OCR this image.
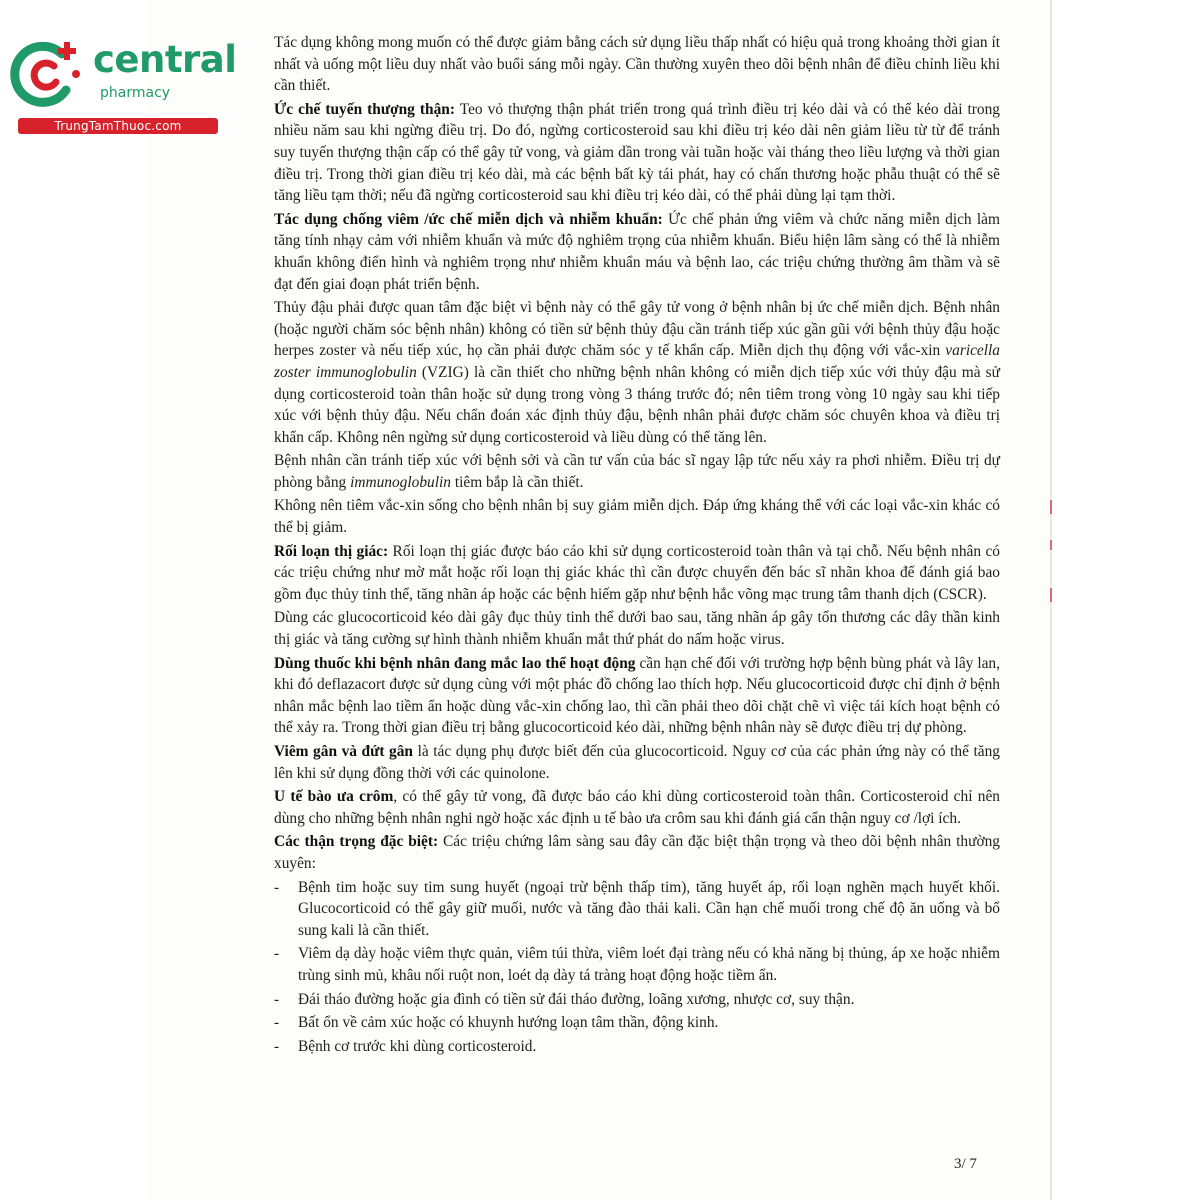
central
pharmacy
TrungTamThuoc.com

Tác dụng không mong muốn có thể được giảm bằng cách sử dụng liều thấp nhất có hiệu quả trong khoảng thời gian ít nhất và uống một liều duy nhất vào buổi sáng mỗi ngày. Cần thường xuyên theo dõi bệnh nhân để điều chỉnh liều khi cần thiết.

Ức chế tuyến thượng thận: Teo vỏ thượng thận phát triển trong quá trình điều trị kéo dài và có thể kéo dài trong nhiều năm sau khi ngừng điều trị. Do đó, ngừng corticosteroid sau khi điều trị kéo dài nên giảm liều từ từ để tránh suy tuyến thượng thận cấp có thể gây tử vong, và giảm dần trong vài tuần hoặc vài tháng theo liều lượng và thời gian điều trị. Trong thời gian điều trị kéo dài, mà các bệnh bất kỳ tái phát, hay có chấn thương hoặc phẫu thuật có thể sẽ tăng liều tạm thời; nếu đã ngừng corticosteroid sau khi điều trị kéo dài, có thể phải dùng lại tạm thời.

Tác dụng chống viêm /ức chế miễn dịch và nhiễm khuẩn: Ức chế phản ứng viêm và chức năng miễn dịch làm tăng tính nhạy cảm với nhiễm khuẩn và mức độ nghiêm trọng của nhiễm khuẩn. Biểu hiện lâm sàng có thể là nhiễm khuẩn không điển hình và nghiêm trọng như nhiễm khuẩn máu và bệnh lao, các triệu chứng thường âm thầm và sẽ đạt đến giai đoạn phát triển bệnh.

Thủy đậu phải được quan tâm đặc biệt vì bệnh này có thể gây tử vong ở bệnh nhân bị ức chế miễn dịch. Bệnh nhân (hoặc người chăm sóc bệnh nhân) không có tiền sử bệnh thủy đậu cần tránh tiếp xúc gần gũi với bệnh thủy đậu hoặc herpes zoster và nếu tiếp xúc, họ cần phải được chăm sóc y tế khẩn cấp. Miễn dịch thụ động với vắc-xin varicella zoster immunoglobulin (VZIG) là cần thiết cho những bệnh nhân không có miễn dịch tiếp xúc với thủy đậu mà sử dụng corticosteroid toàn thân hoặc sử dụng trong vòng 3 tháng trước đó; nên tiêm trong vòng 10 ngày sau khi tiếp xúc với bệnh thủy đậu. Nếu chẩn đoán xác định thủy đậu, bệnh nhân phải được chăm sóc chuyên khoa và điều trị khẩn cấp. Không nên ngừng sử dụng corticosteroid và liều dùng có thể tăng lên.

Bệnh nhân cần tránh tiếp xúc với bệnh sởi và cần tư vấn của bác sĩ ngay lập tức nếu xảy ra phơi nhiễm. Điều trị dự phòng bằng immunoglobulin tiêm bắp là cần thiết.

Không nên tiêm vắc-xin sống cho bệnh nhân bị suy giảm miễn dịch. Đáp ứng kháng thể với các loại vắc-xin khác có thể bị giảm.

Rối loạn thị giác: Rối loạn thị giác được báo cáo khi sử dụng corticosteroid toàn thân và tại chỗ. Nếu bệnh nhân có các triệu chứng như mờ mắt hoặc rối loạn thị giác khác thì cần được chuyển đến bác sĩ nhãn khoa để đánh giá bao gồm đục thủy tinh thể, tăng nhãn áp hoặc các bệnh hiếm gặp như bệnh hắc võng mạc trung tâm thanh dịch (CSCR).

Dùng các glucocorticoid kéo dài gây đục thủy tinh thể dưới bao sau, tăng nhãn áp gây tổn thương các dây thần kinh thị giác và tăng cường sự hình thành nhiễm khuẩn mắt thứ phát do nấm hoặc virus.

Dùng thuốc khi bệnh nhân đang mắc lao thể hoạt động cần hạn chế đối với trường hợp bệnh bùng phát và lây lan, khi đó deflazacort được sử dụng cùng với một phác đồ chống lao thích hợp. Nếu glucocorticoid được chỉ định ở bệnh nhân mắc bệnh lao tiềm ẩn hoặc dùng vắc-xin chống lao, thì cần phải theo dõi chặt chẽ vì việc tái kích hoạt bệnh có thể xảy ra. Trong thời gian điều trị bằng glucocorticoid kéo dài, những bệnh nhân này sẽ được điều trị dự phòng.

Viêm gân và đứt gân là tác dụng phụ được biết đến của glucocorticoid. Nguy cơ của các phản ứng này có thể tăng lên khi sử dụng đồng thời với các quinolone.

U tế bào ưa crôm, có thể gây tử vong, đã được báo cáo khi dùng corticosteroid toàn thân. Corticosteroid chỉ nên dùng cho những bệnh nhân nghi ngờ hoặc xác định u tế bào ưa crôm sau khi đánh giá cẩn thận nguy cơ /lợi ích.

Các thận trọng đặc biệt: Các triệu chứng lâm sàng sau đây cần đặc biệt thận trọng và theo dõi bệnh nhân thường xuyên:

- Bệnh tim hoặc suy tim sung huyết (ngoại trừ bệnh thấp tim), tăng huyết áp, rối loạn nghẽn mạch huyết khối. Glucocorticoid có thể gây giữ muối, nước và tăng đào thải kali. Cần hạn chế muối trong chế độ ăn uống và bổ sung kali là cần thiết.
- Viêm dạ dày hoặc viêm thực quản, viêm túi thừa, viêm loét đại tràng nếu có khả năng bị thủng, áp xe hoặc nhiễm trùng sinh mủ, khâu nối ruột non, loét dạ dày tá tràng hoạt động hoặc tiềm ẩn.
- Đái tháo đường hoặc gia đình có tiền sử đái tháo đường, loãng xương, nhược cơ, suy thận.
- Bất ổn về cảm xúc hoặc có khuynh hướng loạn tâm thần, động kinh.
- Bệnh cơ trước khi dùng corticosteroid.
3/ 7
